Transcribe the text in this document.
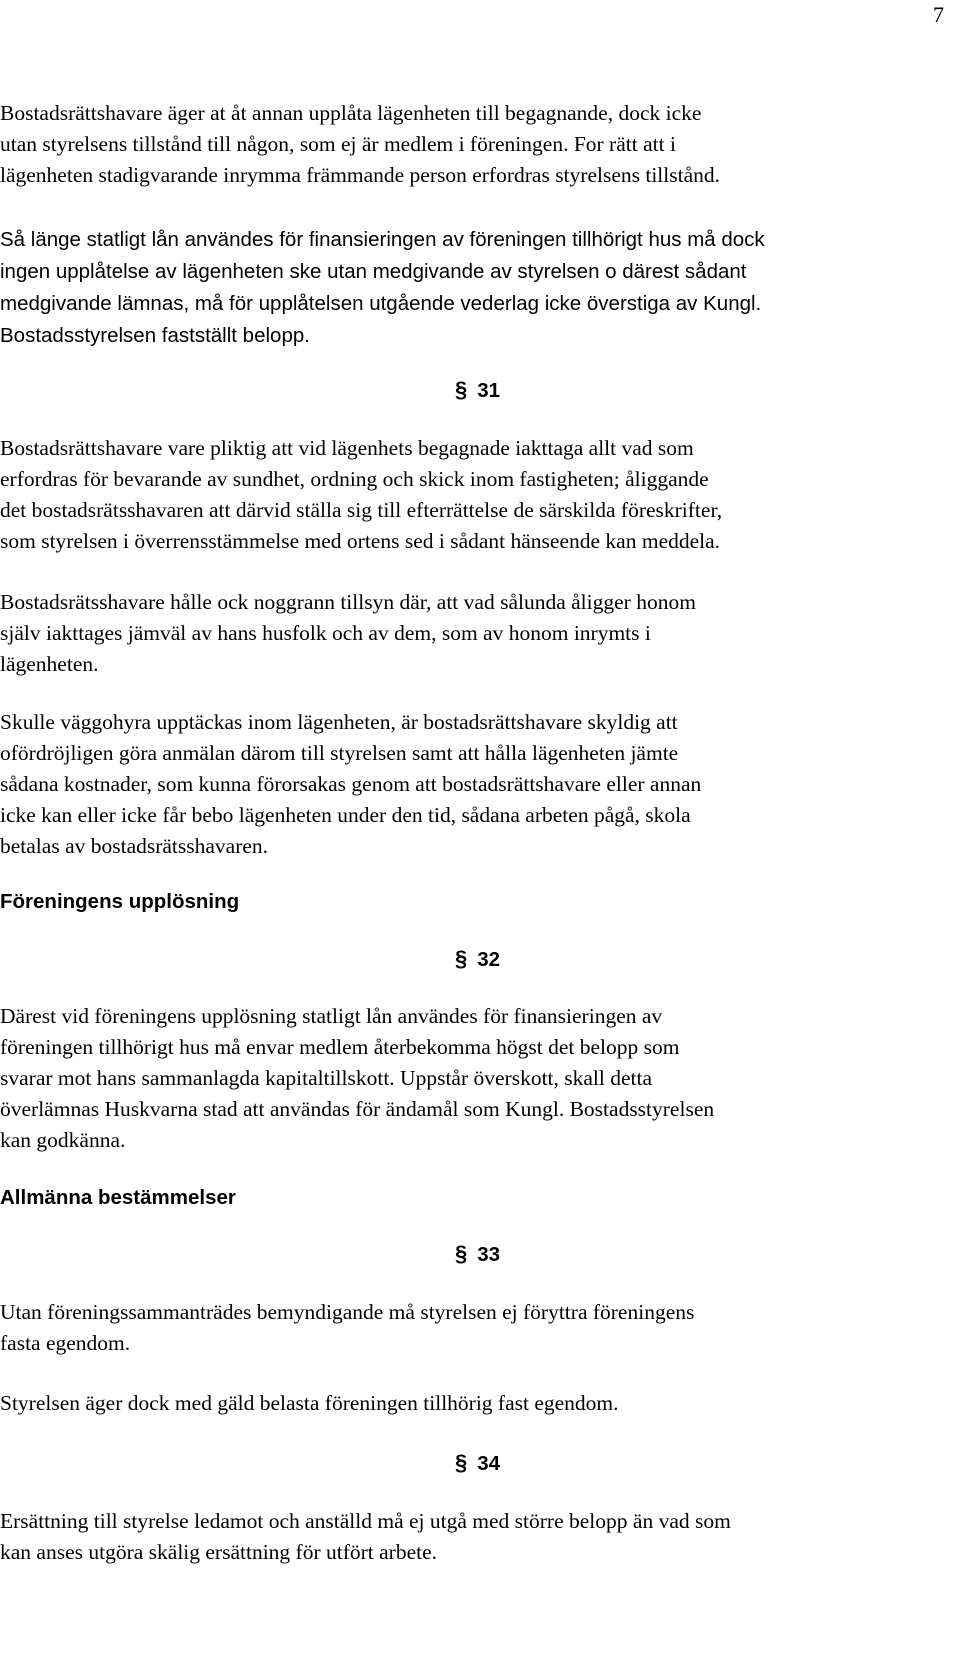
7

Bostadsrättshavare äger at åt annan upplåta lägenheten till begagnande, dock icke
utan styrelsens tillstånd till någon, som ej är medlem i föreningen. For rätt att i
lägenheten stadigvarande inrymma främmande person erfordras styrelsens tillstånd.

Så länge statligt lån användes för finansieringen av föreningen tillhörigt hus må dock
ingen upplåtelse av lägenheten ske utan medgivande av styrelsen o därest sådant
medgivande lämnas, må för upplåtelsen utgående vederlag icke överstiga av Kungl.
Bostadsstyrelsen fastställt belopp.

§ 31

Bostadsrättshavare vare pliktig att vid lägenhets begagnade iakttaga allt vad som
erfordras för bevarande av sundhet, ordning och skick inom fastigheten; åliggande
det bostadsrätsshavaren att därvid ställa sig till efterrättelse de särskilda föreskrifter,
som styrelsen i överrensstämmelse med ortens sed i sådant hänseende kan meddela.

Bostadsrätsshavare hålle ock noggrann tillsyn där, att vad sålunda åligger honom
själv iakttages jämväl av hans husfolk och av dem, som av honom inrymts i
lägenheten.

Skulle väggohyra upptäckas inom lägenheten, är bostadsrättshavare skyldig att
ofördröjligen göra anmälan därom till styrelsen samt att hålla lägenheten jämte
sådana kostnader, som kunna förorsakas genom att bostadsrättshavare eller annan
icke kan eller icke får bebo lägenheten under den tid, sådana arbeten pågå, skola
betalas av bostadsrätsshavaren.

Föreningens upplösning

§ 32

Därest vid föreningens upplösning statligt lån användes för finansieringen av
föreningen tillhörigt hus må envar medlem återbekomma högst det belopp som
svarar mot hans sammanlagda kapitaltillskott. Uppstår överskott, skall detta
överlämnas Huskvarna stad att användas för ändamål som Kungl. Bostadsstyrelsen
kan godkänna.

Allmänna bestämmelser

§ 33

Utan föreningssammanträdes bemyndigande må styrelsen ej föryttra föreningens
fasta egendom.

Styrelsen äger dock med gäld belasta föreningen tillhörig fast egendom.

§ 34

Ersättning till styrelse ledamot och anställd må ej utgå med större belopp än vad som
kan anses utgöra skälig ersättning för utfört arbete.
